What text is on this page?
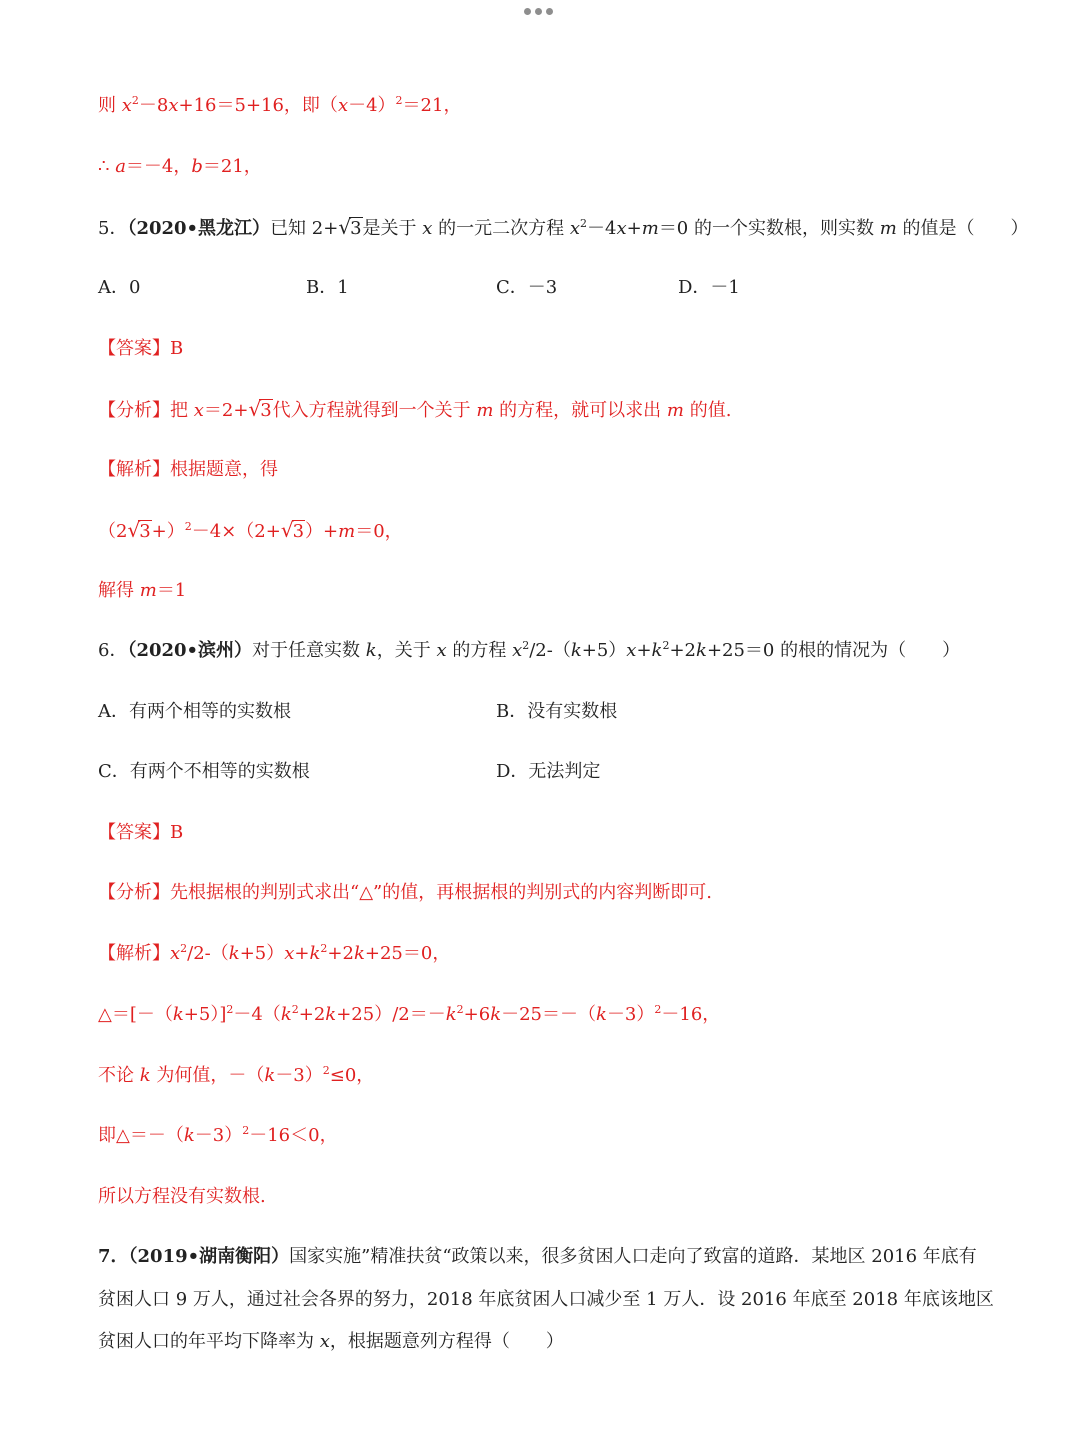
则 $x^2-8x+16=5+16$，即$(x-4)^2=21$，
∴ a＝－4，b＝21，
5．（2020•黑龙江）已知 2+√3是关于 x 的一元二次方程 $x^2-4x+m=0$ 的一个实数根，则实数 m 的值是（　　）
A．0	B．1	C．－3	D．－1
【答案】B
【分析】把 x＝2+√3代入方程就得到一个关于 m 的方程，就可以求出 m 的值.
【解析】根据题意，得
$(2√3+)^2-4\times(2+√3)+m=0$，
解得 m＝1
6．（2020•滨州）对于任意实数 k，关于 x 的方程 $x^2/2-(k+5)x+k^2+2k+25=0$ 的根的情况为（　　）
A．有两个相等的实数根	B．没有实数根
C．有两个不相等的实数根	D．无法判定
【答案】B
【分析】先根据根的判别式求出“△”的值，再根据根的判别式的内容判断即可.
【解析】$x^2/2-(k+5)x+k^2+2k+25=0$，
$\triangle=[-(k+5)]^2-4(k^2+2k+25)/2=-k^2+6k-25=-(k-3)^2-16$，
不论 k 为何值，$-(k-3)^2\le 0$，
即$\triangle=-(k-3)^2-16<0$，
所以方程没有实数根.
7．（2019•湖南衡阳）国家实施”精准扶贫“政策以来，很多贫困人口走向了致富的道路．某地区 2016 年底有
贫困人口 9 万人，通过社会各界的努力，2018 年底贫困人口减少至 1 万人．设 2016 年底至 2018 年底该地区
贫困人口的年平均下降率为 x，根据题意列方程得（　　）
